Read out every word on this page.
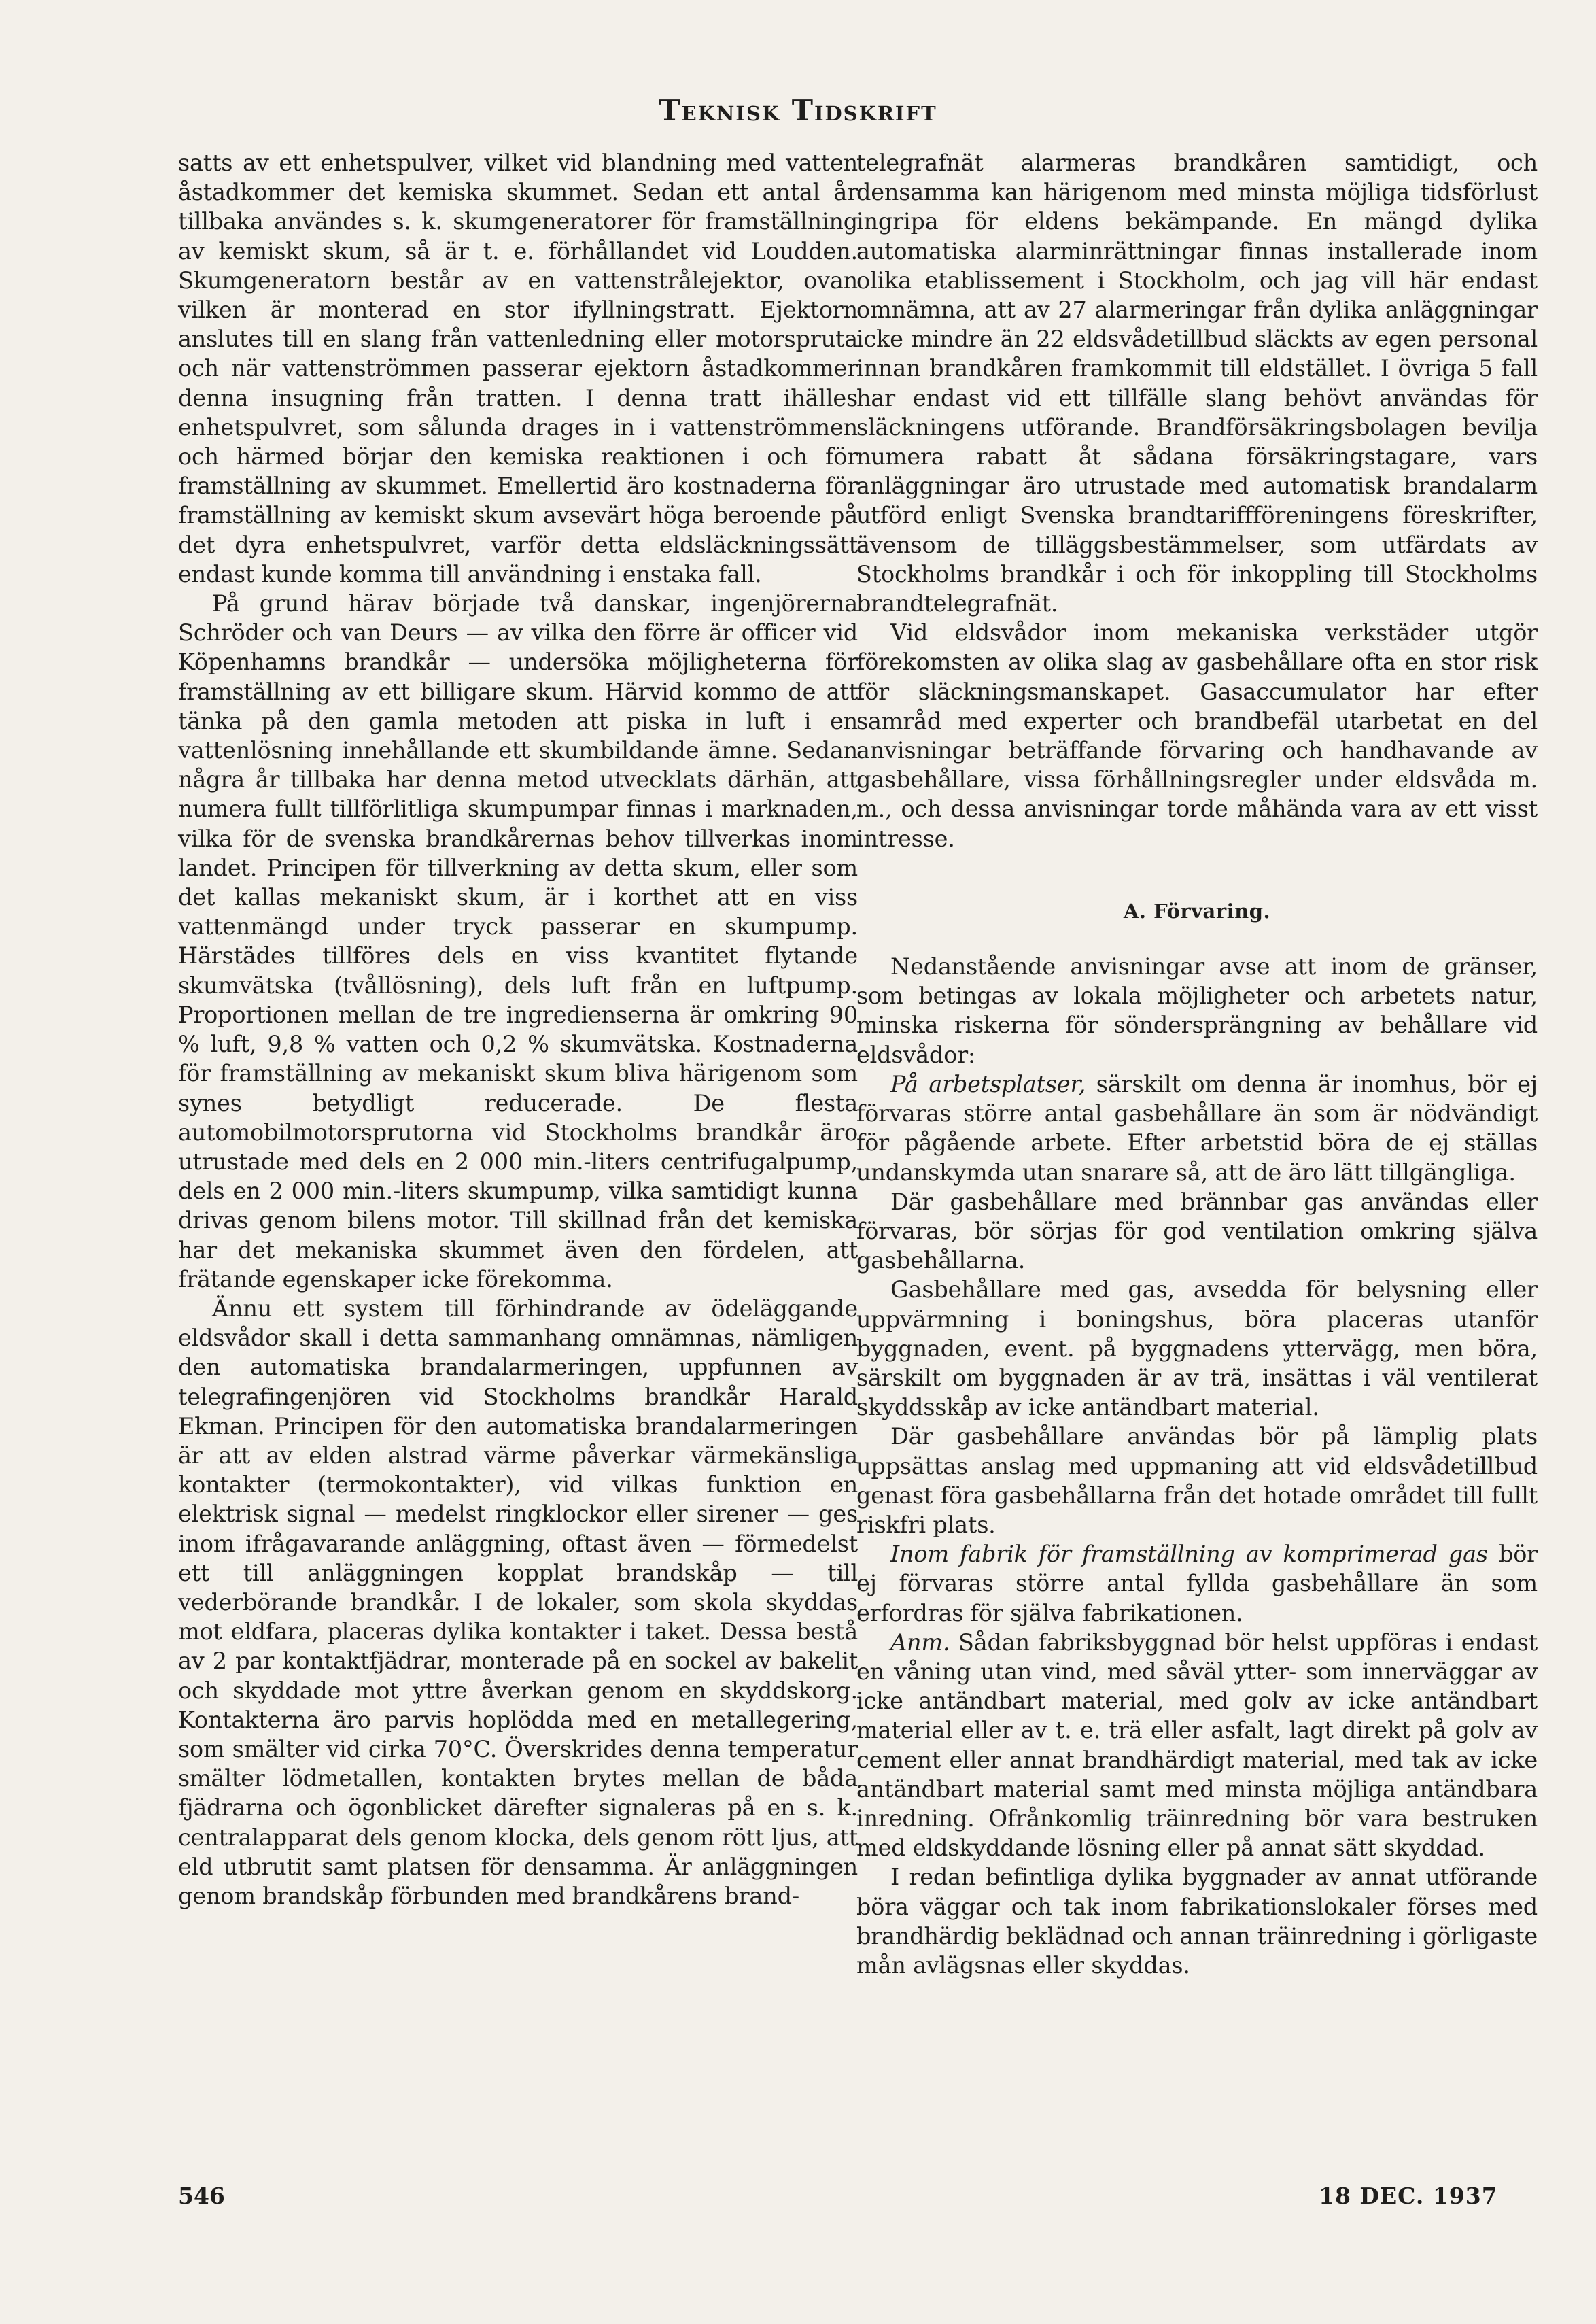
Teknisk Tidskrift

satts av ett enhetspulver, vilket vid blandning med vatten åstadkommer det kemiska skummet. Sedan ett antal år tillbaka användes s. k. skumgeneratorer för framställning av kemiskt skum, så är t. e. förhållandet vid Loudden. Skumgeneratorn består av en vattenstrålejektor, ovan vilken är monterad en stor ifyllningstratt. Ejektorn anslutes till en slang från vattenledning eller motorspruta och när vattenströmmen passerar ejektorn åstadkommer denna insugning från tratten. I denna tratt ihälles enhetspulvret, som sålunda drages in i vattenströmmen och härmed börjar den kemiska reaktionen i och för framställning av skummet. Emellertid äro kostnaderna för framställning av kemiskt skum avsevärt höga beroende på det dyra enhetspulvret, varför detta eldsläckningssätt endast kunde komma till användning i enstaka fall.

På grund härav började två danskar, ingenjörerna Schröder och van Deurs — av vilka den förre är officer vid Köpenhamns brandkår — undersöka möjligheterna för framställning av ett billigare skum. Härvid kommo de att tänka på den gamla metoden att piska in luft i en vattenlösning innehållande ett skumbildande ämne. Sedan några år tillbaka har denna metod utvecklats därhän, att numera fullt tillförlitliga skumpumpar finnas i marknaden, vilka för de svenska brandkårernas behov tillverkas inom landet. Principen för tillverkning av detta skum, eller som det kallas mekaniskt skum, är i korthet att en viss vattenmängd under tryck passerar en skumpump. Härstädes tillföres dels en viss kvantitet flytande skumvätska (tvållösning), dels luft från en luftpump. Proportionen mellan de tre ingredienserna är omkring 90 % luft, 9,8 % vatten och 0,2 % skumvätska. Kostnaderna för framställning av mekaniskt skum bliva härigenom som synes betydligt reducerade. De flesta automobilmotorsprutorna vid Stockholms brandkår äro utrustade med dels en 2 000 min.-liters centrifugalpump, dels en 2 000 min.-liters skumpump, vilka samtidigt kunna drivas genom bilens motor. Till skillnad från det kemiska har det mekaniska skummet även den fördelen, att frätande egenskaper icke förekomma.

Ännu ett system till förhindrande av ödeläggande eldsvådor skall i detta sammanhang omnämnas, nämligen den automatiska brandalarmeringen, uppfunnen av telegrafingenjören vid Stockholms brandkår Harald Ekman. Principen för den automatiska brandalarmeringen är att av elden alstrad värme påverkar värmekänsliga kontakter (termokontakter), vid vilkas funktion en elektrisk signal — medelst ringklockor eller sirener — ges inom ifrågavarande anläggning, oftast även — förmedelst ett till anläggningen kopplat brandskåp — till vederbörande brandkår. I de lokaler, som skola skyddas mot eldfara, placeras dylika kontakter i taket. Dessa bestå av 2 par kontaktfjädrar, monterade på en sockel av bakelit och skyddade mot yttre åverkan genom en skyddskorg. Kontakterna äro parvis hoplödda med en metallegering, som smälter vid cirka 70°C. Överskrides denna temperatur smälter lödmetallen, kontakten brytes mellan de båda fjädrarna och ögonblicket därefter signaleras på en s. k. centralapparat dels genom klocka, dels genom rött ljus, att eld utbrutit samt platsen för densamma. Är anläggningen genom brandskåp förbunden med brandkårens brand-

telegrafnät alarmeras brandkåren samtidigt, och densamma kan härigenom med minsta möjliga tidsförlust ingripa för eldens bekämpande. En mängd dylika automatiska alarminrättningar finnas installerade inom olika etablissement i Stockholm, och jag vill här endast omnämna, att av 27 alarmeringar från dylika anläggningar icke mindre än 22 eldsvådetillbud släckts av egen personal innan brandkåren framkommit till eldstället. I övriga 5 fall har endast vid ett tillfälle slang behövt användas för släckningens utförande. Brandförsäkringsbolagen bevilja numera rabatt åt sådana försäkringstagare, vars anläggningar äro utrustade med automatisk brandalarm utförd enligt Svenska brandtariffföreningens föreskrifter, ävensom de tilläggsbestämmelser, som utfärdats av Stockholms brandkår i och för inkoppling till Stockholms brandtelegrafnät.

Vid eldsvådor inom mekaniska verkstäder utgör förekomsten av olika slag av gasbehållare ofta en stor risk för släckningsmanskapet. Gasaccumulator har efter samråd med experter och brandbefäl utarbetat en del anvisningar beträffande förvaring och handhavande av gasbehållare, vissa förhållningsregler under eldsvåda m. m., och dessa anvisningar torde måhända vara av ett visst intresse.

A. Förvaring.

Nedanstående anvisningar avse att inom de gränser, som betingas av lokala möjligheter och arbetets natur, minska riskerna för söndersprängning av behållare vid eldsvådor:

På arbetsplatser, särskilt om denna är inomhus, bör ej förvaras större antal gasbehållare än som är nödvändigt för pågående arbete. Efter arbetstid böra de ej ställas undanskymda utan snarare så, att de äro lätt tillgängliga.

Där gasbehållare med brännbar gas användas eller förvaras, bör sörjas för god ventilation omkring själva gasbehållarna.

Gasbehållare med gas, avsedda för belysning eller uppvärmning i boningshus, böra placeras utanför byggnaden, event. på byggnadens yttervägg, men böra, särskilt om byggnaden är av trä, insättas i väl ventilerat skyddsskåp av icke antändbart material.

Där gasbehållare användas bör på lämplig plats uppsättas anslag med uppmaning att vid eldsvådetillbud genast föra gasbehållarna från det hotade området till fullt riskfri plats.

Inom fabrik för framställning av komprimerad gas bör ej förvaras större antal fyllda gasbehållare än som erfordras för själva fabrikationen.

Anm. Sådan fabriksbyggnad bör helst uppföras i endast en våning utan vind, med såväl ytter- som innerväggar av icke antändbart material, med golv av icke antändbart material eller av t. e. trä eller asfalt, lagt direkt på golv av cement eller annat brandhärdigt material, med tak av icke antändbart material samt med minsta möjliga antändbara inredning. Ofrånkomlig träinredning bör vara bestruken med eldskyddande lösning eller på annat sätt skyddad.

I redan befintliga dylika byggnader av annat utförande böra väggar och tak inom fabrikationslokaler förses med brandhärdig beklädnad och annan träinredning i görligaste mån avlägsnas eller skyddas.

546	18 DEC. 1937
